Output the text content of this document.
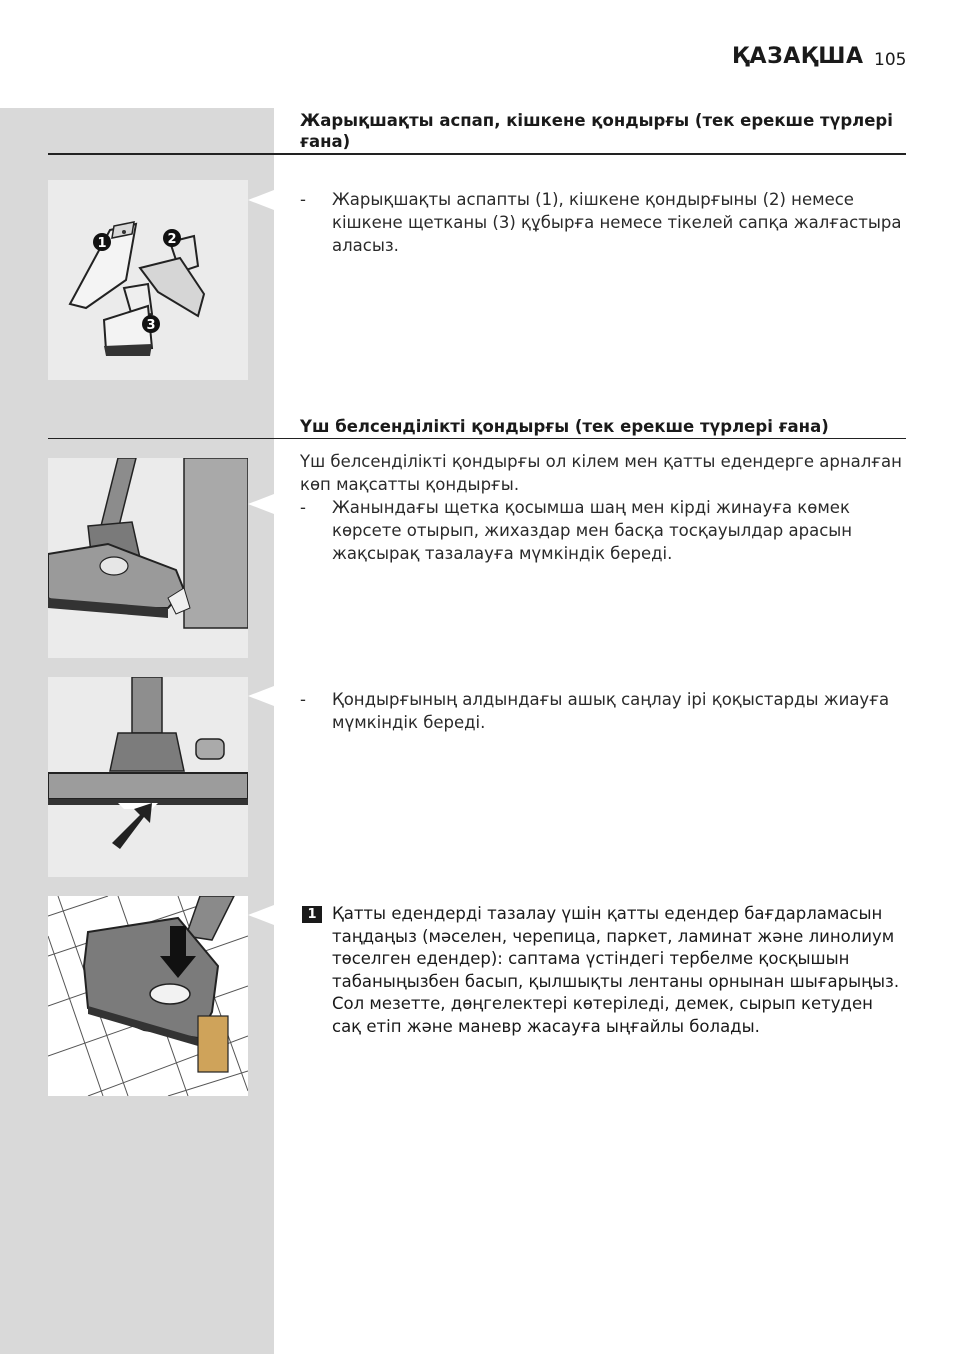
ҚАЗАҚША 105
Жарықшақты аспап, кішкене қондырғы (тек ерекше түрлері ғана)
1	2
3
- Жарықшақты аспапты (1), кішкене қондырғыны (2) немесе кішкене щетканы (3) құбырға немесе тікелей сапқа жалғастыра аласыз.
Үш белсенділікті қондырғы (тек ерекше түрлері ғана)
Үш белсенділікті қондырғы ол кілем мен қатты едендерге арналған көп мақсатты қондырғы.
- Жанындағы щетка қосымша шаң мен кірді жинауға көмек көрсете отырып, жихаздар мен басқа тосқауылдар арасын жақсырақ тазалауға мүмкіндік береді.
- Қондырғының алдындағы ашық саңлау ірі қоқыстарды жиауға мүмкіндік береді.
1 Қатты едендерді тазалау үшін қатты едендер бағдарламасын таңдаңыз (мәселен, черепица, паркет, ламинат және линолиум төселген едендер): саптама үстіндегі тербелме қосқышын табаныңызбен басып, қылшықты лентаны орнынан шығарыңыз. Сол мезетте, дөңгелектері көтеріледі, демек, сырып кетуден сақ етіп және маневр жасауға ыңғайлы болады.
